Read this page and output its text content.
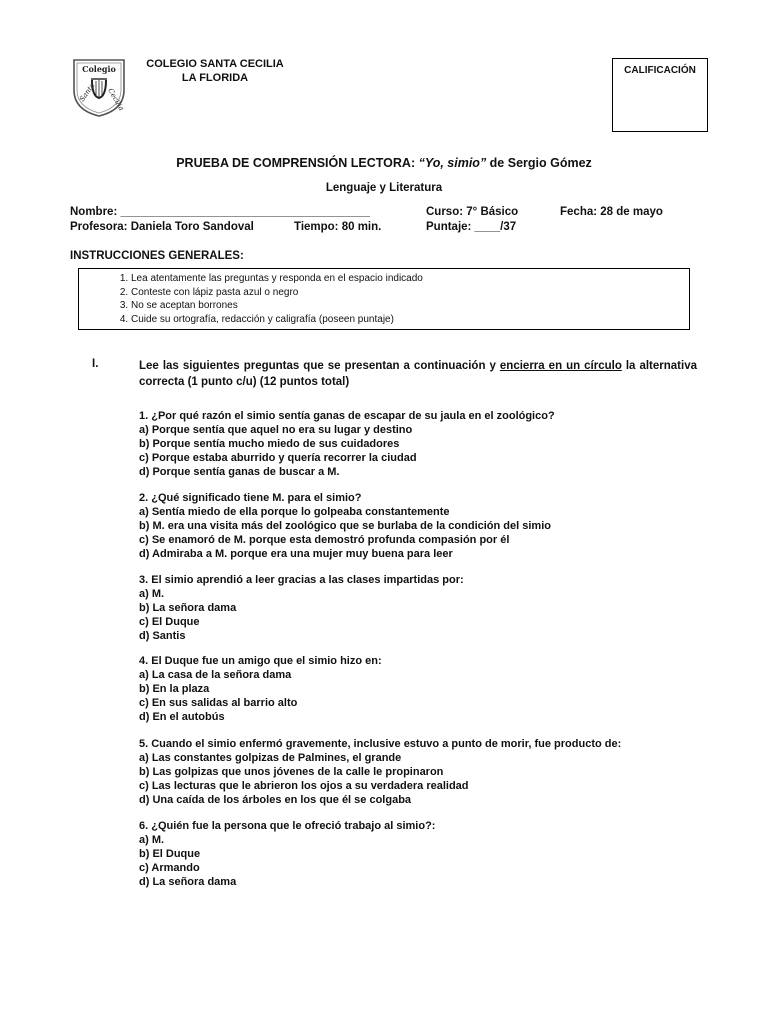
Colegio
Santa Cecilia
COLEGIO SANTA CECILIA
LA FLORIDA
CALIFICACIÓN
PRUEBA DE COMPRENSIÓN LECTORA: “Yo, simio” de Sergio Gómez
Lenguaje y Literatura
Nombre: _______________________________________	Curso: 7° Básico	Fecha: 28 de mayo
Profesora: Daniela Toro Sandoval	Tiempo: 80 min.	Puntaje: ____/37
INSTRUCCIONES GENERALES:
1. Lea atentamente las preguntas y responda en el espacio indicado
2. Conteste con lápiz pasta azul o negro
3. No se aceptan borrones
4. Cuide su ortografía, redacción y caligrafía (poseen puntaje)
I.	Lee las siguientes preguntas que se presentan a continuación y encierra en un círculo la alternativa correcta (1 punto c/u) (12 puntos total)
1. ¿Por qué razón el simio sentía ganas de escapar de su jaula en el zoológico?
a) Porque sentía que aquel no era su lugar y destino
b) Porque sentía mucho miedo de sus cuidadores
c) Porque estaba aburrido y quería recorrer la ciudad
d) Porque sentía ganas de buscar a M.
2. ¿Qué significado tiene M. para el simio?
a) Sentía miedo de ella porque lo golpeaba constantemente
b) M. era una visita más del zoológico que se burlaba de la condición del simio
c) Se enamoró de M. porque esta demostró profunda compasión por él
d) Admiraba a M. porque era una mujer muy buena para leer
3. El simio aprendió a leer gracias a las clases impartidas por:
a) M.
b) La señora dama
c) El Duque
d) Santis
4. El Duque fue un amigo que el simio hizo en:
a) La casa de la señora dama
b) En la plaza
c) En sus salidas al barrio alto
d) En el autobús
5. Cuando el simio enfermó gravemente, inclusive estuvo a punto de morir, fue producto de:
a) Las constantes golpizas de Palmines, el grande
b) Las golpizas que unos jóvenes de la calle le propinaron
c) Las lecturas que le abrieron los ojos a su verdadera realidad
d) Una caída de los árboles en los que él se colgaba
6. ¿Quién fue la persona que le ofreció trabajo al simio?:
a) M.
b) El Duque
c) Armando
d) La señora dama
